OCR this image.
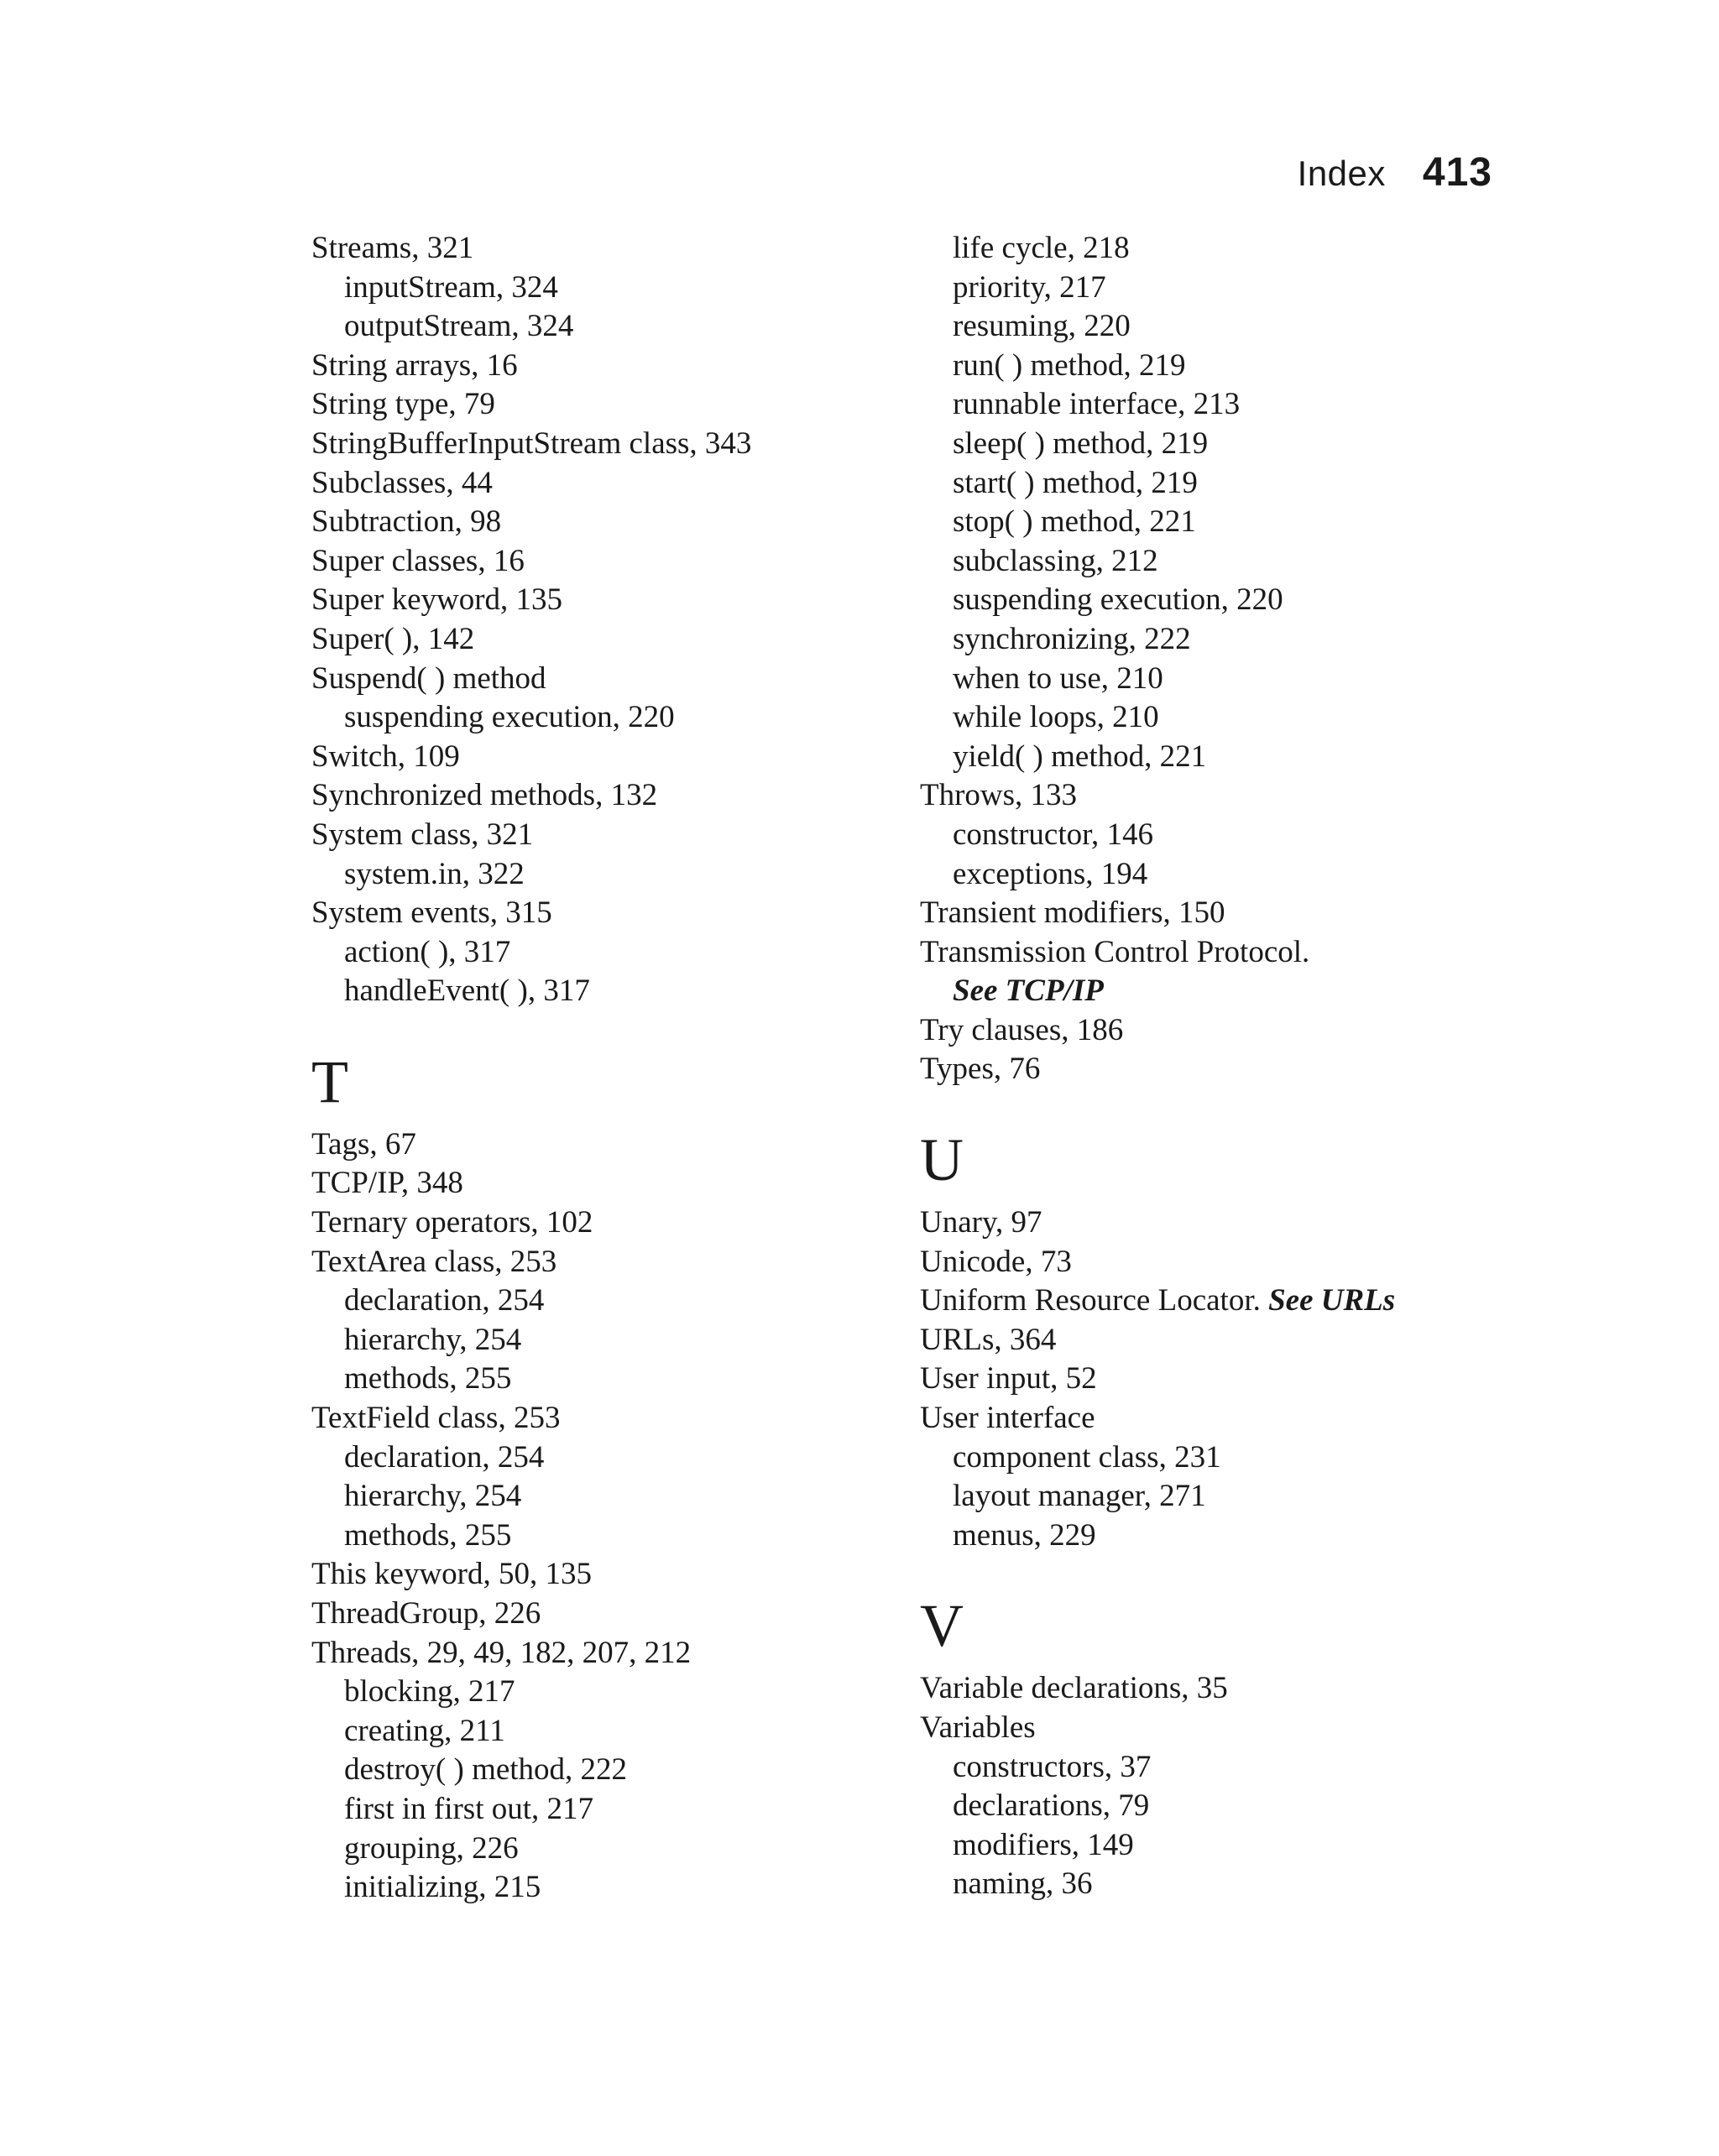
Index 413
Streams, 321
inputStream, 324
outputStream, 324
String arrays, 16
String type, 79
StringBufferInputStream class, 343
Subclasses, 44
Subtraction, 98
Super classes, 16
Super keyword, 135
Super( ), 142
Suspend( ) method
suspending execution, 220
Switch, 109
Synchronized methods, 132
System class, 321
system.in, 322
System events, 315
action( ), 317
handleEvent( ), 317
T
Tags, 67
TCP/IP, 348
Ternary operators, 102
TextArea class, 253
declaration, 254
hierarchy, 254
methods, 255
TextField class, 253
declaration, 254
hierarchy, 254
methods, 255
This keyword, 50, 135
ThreadGroup, 226
Threads, 29, 49, 182, 207, 212
blocking, 217
creating, 211
destroy( ) method, 222
first in first out, 217
grouping, 226
initializing, 215
life cycle, 218
priority, 217
resuming, 220
run( ) method, 219
runnable interface, 213
sleep( ) method, 219
start( ) method, 219
stop( ) method, 221
subclassing, 212
suspending execution, 220
synchronizing, 222
when to use, 210
while loops, 210
yield( ) method, 221
Throws, 133
constructor, 146
exceptions, 194
Transient modifiers, 150
Transmission Control Protocol.
See TCP/IP
Try clauses, 186
Types, 76
U
Unary, 97
Unicode, 73
Uniform Resource Locator. See URLs
URLs, 364
User input, 52
User interface
component class, 231
layout manager, 271
menus, 229
V
Variable declarations, 35
Variables
constructors, 37
declarations, 79
modifiers, 149
naming, 36
